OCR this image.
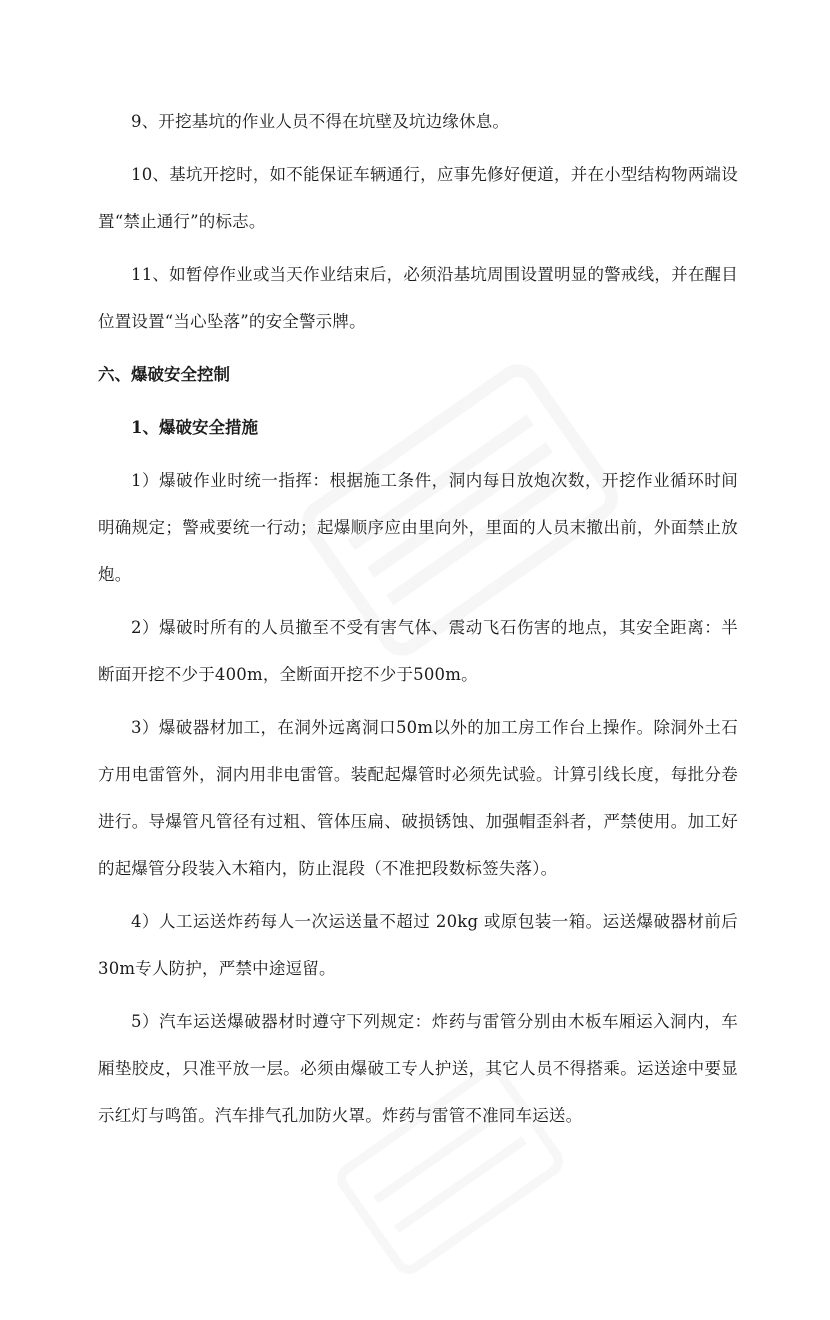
9、开挖基坑的作业人员不得在坑壁及坑边缘休息。

10、基坑开挖时，如不能保证车辆通行，应事先修好便道，并在小型结构物两端设置“禁止通行”的标志。

11、如暂停作业或当天作业结束后，必须沿基坑周围设置明显的警戒线，并在醒目位置设置“当心坠落”的安全警示牌。

六、爆破安全控制

1、爆破安全措施

1）爆破作业时统一指挥：根据施工条件，洞内每日放炮次数，开挖作业循环时间明确规定；警戒要统一行动；起爆顺序应由里向外，里面的人员末撤出前，外面禁止放炮。

2）爆破时所有的人员撤至不受有害气体、震动飞石伤害的地点，其安全距离：半断面开挖不少于400m，全断面开挖不少于500m。

3）爆破器材加工，在洞外远离洞口50m以外的加工房工作台上操作。除洞外土石方用电雷管外，洞内用非电雷管。装配起爆管时必须先试验。计算引线长度，每批分卷进行。导爆管凡管径有过粗、管体压扁、破损锈蚀、加强帽歪斜者，严禁使用。加工好的起爆管分段装入木箱内，防止混段（不准把段数标签失落）。

4）人工运送炸药每人一次运送量不超过 20kg 或原包装一箱。运送爆破器材前后30m专人防护，严禁中途逗留。

5）汽车运送爆破器材时遵守下列规定：炸药与雷管分别由木板车厢运入洞内，车厢垫胶皮，只准平放一层。必须由爆破工专人护送，其它人员不得搭乘。运送途中要显示红灯与鸣笛。汽车排气孔加防火罩。炸药与雷管不准同车运送。
